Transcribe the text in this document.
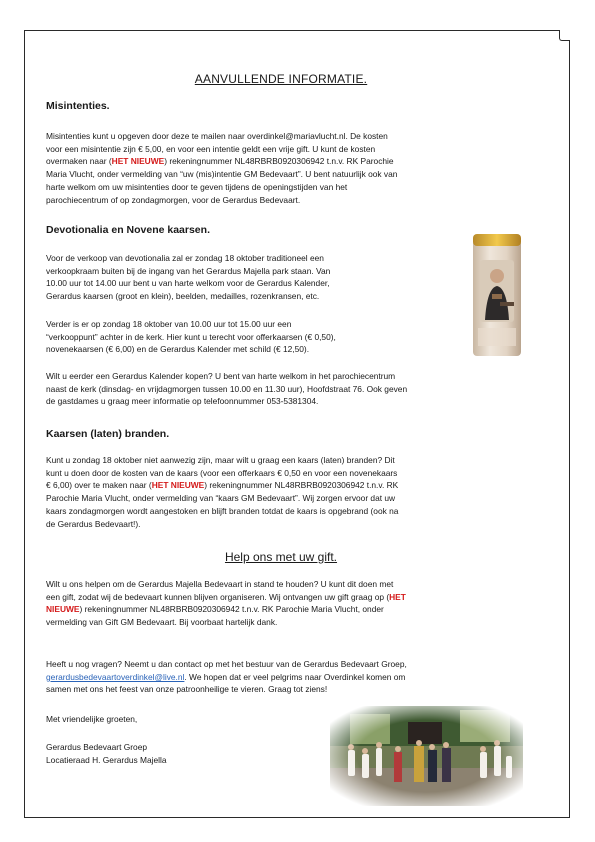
AANVULLENDE INFORMATIE.
Misintenties.

Misintenties kunt u opgeven door deze te mailen naar overdinkel@mariavlucht.nl. De kosten

voor een misintentie zijn € 5,00, en voor een intentie geldt een vrije gift. U kunt de kosten

overmaken naar (HET NIEUWE) rekeningnummer NL48RBRB0920306942 t.n.v. RK Parochie

Maria Vlucht, onder vermelding van “uw (mis)intentie GM Bedevaart”. U bent natuurlijk ook van

harte welkom om uw misintenties door te geven tijdens de openingstijden van het

parochiecentrum of op zondagmorgen, voor de Gerardus Bedevaart.

Devotionalia en Novene kaarsen.

Voor de verkoop van devotionalia zal er zondag 18 oktober traditioneel een

verkoopkraam buiten bij de ingang van het Gerardus Majella park staan. Van

10.00 uur tot 14.00 uur bent u van harte welkom voor de Gerardus Kalender,

Gerardus kaarsen (groot en klein), beelden, medailles, rozenkransen, etc.

Verder is er op zondag 18 oktober van 10.00 uur tot 15.00 uur een

“verkooppunt” achter in de kerk. Hier kunt u terecht voor offerkaarsen (€ 0,50),

novenekaarsen (€ 6,00) en de Gerardus Kalender met schild (€ 12,50).

Wilt u eerder een Gerardus Kalender kopen? U bent van harte welkom in het parochiecentrum

naast de kerk (dinsdag- en vrijdagmorgen tussen 10.00 en 11.30 uur), Hoofdstraat 76. Ook geven

de gastdames u graag meer informatie op telefoonnummer 053-5381304.

Kaarsen (laten) branden.

Kunt u zondag 18 oktober niet aanwezig zijn, maar wilt u graag een kaars (laten) branden? Dit

kunt u doen door de kosten van de kaars (voor een offerkaars € 0,50 en voor een novenekaars

€ 6,00) over te maken naar (HET NIEUWE) rekeningnummer NL48RBRB0920306942 t.n.v. RK

Parochie Maria Vlucht, onder vermelding van “kaars GM Bedevaart”. Wij zorgen ervoor dat uw

kaars zondagmorgen wordt aangestoken en blijft branden totdat de kaars is opgebrand (ook na

de Gerardus Bedevaart!).

Help ons met uw gift.

Wilt u ons helpen om de Gerardus Majella Bedevaart in stand te houden? U kunt dit doen met

een gift, zodat wij de bedevaart kunnen blijven organiseren. Wij ontvangen uw gift graag op (HET

NIEUWE) rekeningnummer NL48RBRB0920306942 t.n.v. RK Parochie Maria Vlucht, onder

vermelding van Gift GM Bedevaart. Bij voorbaat hartelijk dank.

Heeft u nog vragen? Neemt u dan contact op met het bestuur van de Gerardus Bedevaart Groep,

gerardusbedevaartoverdinkel@live.nl. We hopen dat er veel pelgrims naar Overdinkel komen om

samen met ons het feest van onze patroonheilige te vieren. Graag tot ziens!

Met vriendelijke groeten,

Gerardus Bedevaart Groep

Locatieraad H. Gerardus Majella
